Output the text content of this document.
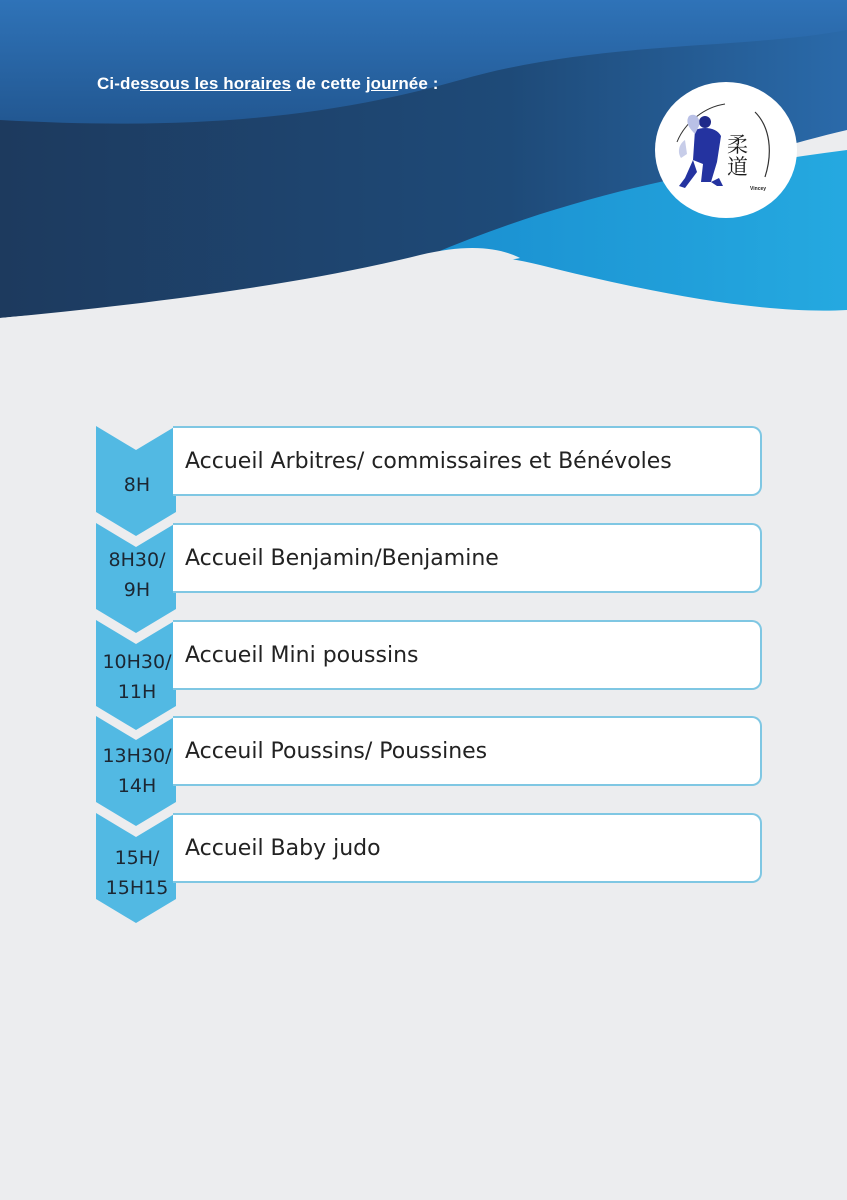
Ci-dessous les horaires de cette journée :
柔道
Vincey
Accueil Arbitres/ commissaires et Bénévoles
8H
Accueil Benjamin/Benjamine
8H30/
9H
Accueil Mini poussins
10H30/
11H
Acceuil Poussins/ Poussines
13H30/
14H
Accueil Baby judo
15H/
15H15
